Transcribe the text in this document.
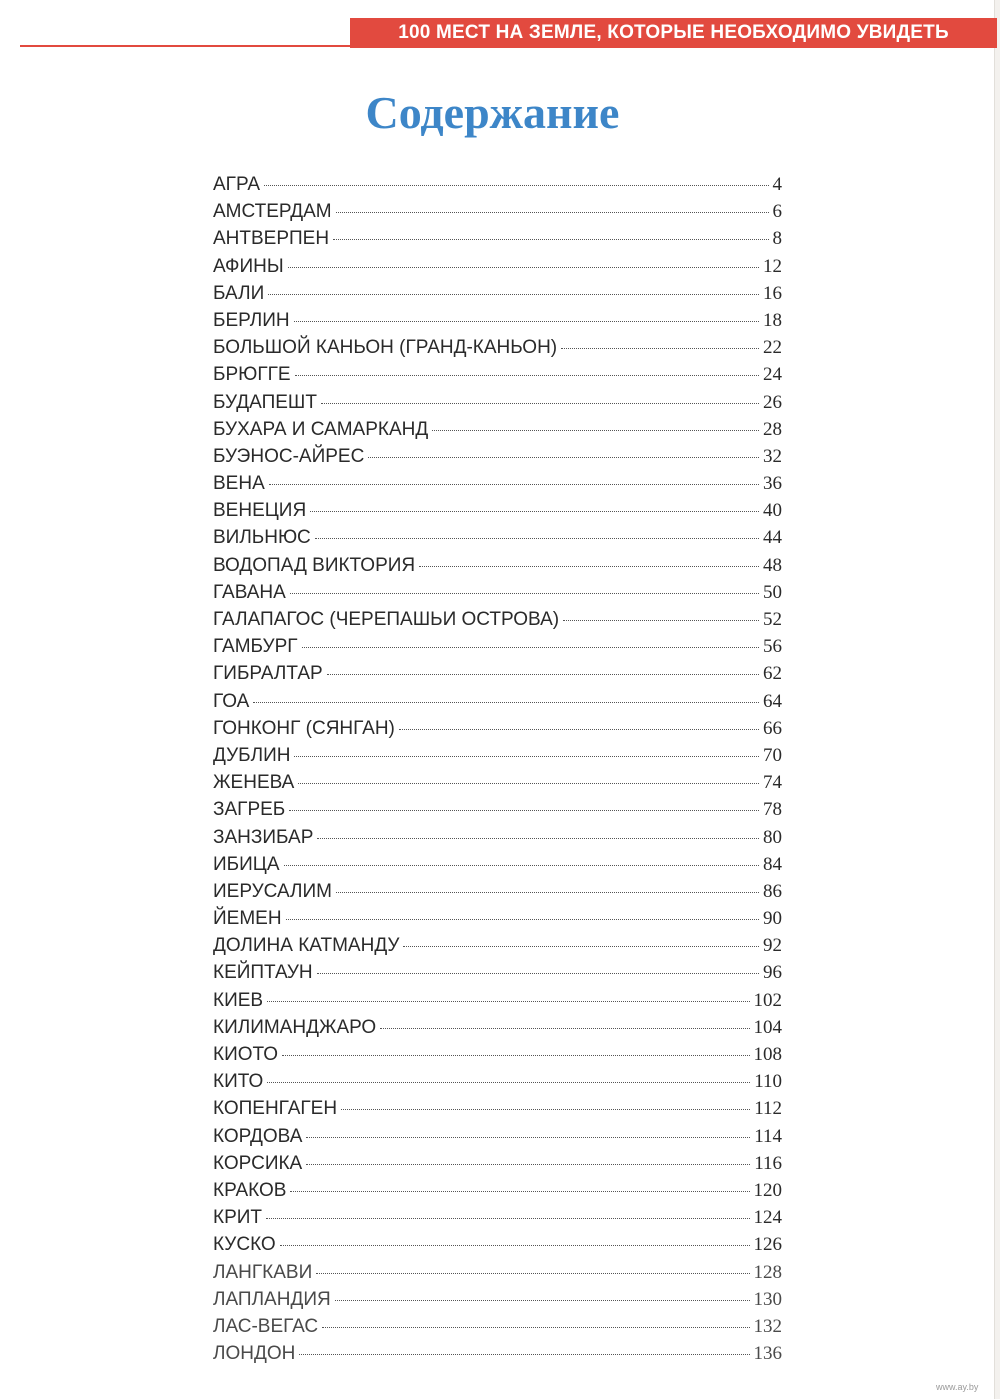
100 МЕСТ НА ЗЕМЛЕ, КОТОРЫЕ НЕОБХОДИМО УВИДЕТЬ
Содержание
АГРА	4
АМСТЕРДАМ	6
АНТВЕРПЕН	8
АФИНЫ	12
БАЛИ	16
БЕРЛИН	18
БОЛЬШОЙ КАНЬОН (ГРАНД-КАНЬОН)	22
БРЮГГЕ	24
БУДАПЕШТ	26
БУХАРА И САМАРКАНД	28
БУЭНОС-АЙРЕС	32
ВЕНА	36
ВЕНЕЦИЯ	40
ВИЛЬНЮС	44
ВОДОПАД ВИКТОРИЯ	48
ГАВАНА	50
ГАЛАПАГОС (ЧЕРЕПАШЬИ ОСТРОВА)	52
ГАМБУРГ	56
ГИБРАЛТАР	62
ГОА	64
ГОНКОНГ (СЯНГАН)	66
ДУБЛИН	70
ЖЕНЕВА	74
ЗАГРЕБ	78
ЗАНЗИБАР	80
ИБИЦА	84
ИЕРУСАЛИМ	86
ЙЕМЕН	90
ДОЛИНА КАТМАНДУ	92
КЕЙПТАУН	96
КИЕВ	102
КИЛИМАНДЖАРО	104
КИОТО	108
КИТО	110
КОПЕНГАГЕН	112
КОРДОВА	114
КОРСИКА	116
КРАКОВ	120
КРИТ	124
КУСКО	126
ЛАНГКАВИ	128
ЛАПЛАНДИЯ	130
ЛАС-ВЕГАС	132
ЛОНДОН	136
www.ay.by
